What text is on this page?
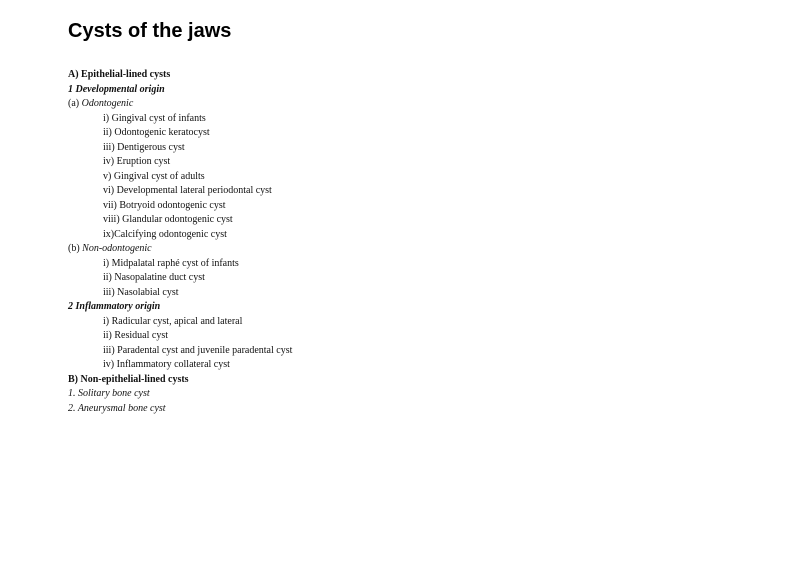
Cysts of the jaws
A) Epithelial-lined cysts
1 Developmental origin
(a) Odontogenic
i) Gingival cyst of infants
ii) Odontogenic keratocyst
iii) Dentigerous cyst
iv) Eruption cyst
v) Gingival cyst of adults
vi) Developmental lateral periodontal cyst
vii) Botryoid odontogenic cyst
viii) Glandular odontogenic cyst
ix)Calcifying odontogenic cyst
(b) Non-odontogenic
i) Midpalatal raphé cyst of infants
ii) Nasopalatine duct cyst
iii) Nasolabial cyst
2 Inflammatory origin
i) Radicular cyst, apical and lateral
ii) Residual cyst
iii) Paradental cyst and juvenile paradental cyst
iv) Inflammatory collateral cyst
B) Non-epithelial-lined cysts
1. Solitary bone cyst
2. Aneurysmal bone cyst
